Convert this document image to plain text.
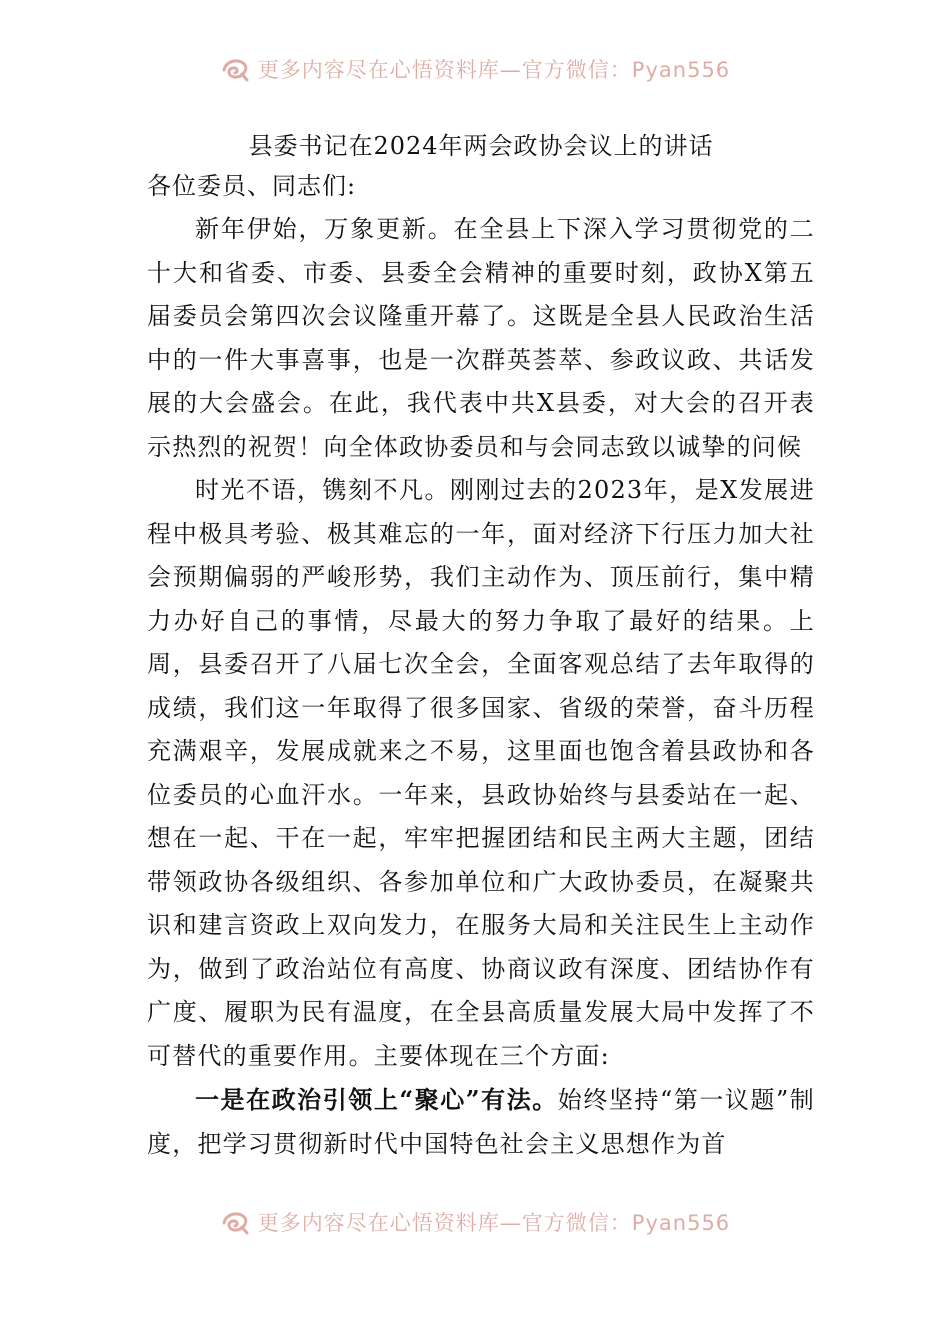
更多内容尽在心悟资料库—官方微信：Pyan556
县委书记在2024年两会政协会议上的讲话

各位委员、同志们:

新年伊始，万象更新。在全县上下深入学习贯彻党的二十大和省委、市委、县委全会精神的重要时刻，政协X第五届委员会第四次会议隆重开幕了。这既是全县人民政治生活中的一件大事喜事，也是一次群英荟萃、参政议政、共话发展的大会盛会。在此，我代表中共X县委，对大会的召开表示热烈的祝贺！向全体政协委员和与会同志致以诚挚的问候

时光不语，镌刻不凡。刚刚过去的2023年，是X发展进程中极具考验、极其难忘的一年，面对经济下行压力加大社会预期偏弱的严峻形势，我们主动作为、顶压前行，集中精力办好自己的事情，尽最大的努力争取了最好的结果。上周，县委召开了八届七次全会，全面客观总结了去年取得的成绩，我们这一年取得了很多国家、省级的荣誉，奋斗历程充满艰辛，发展成就来之不易，这里面也饱含着县政协和各位委员的心血汗水。一年来，县政协始终与县委站在一起、想在一起、干在一起，牢牢把握团结和民主两大主题，团结带领政协各级组织、各参加单位和广大政协委员，在凝聚共识和建言资政上双向发力，在服务大局和关注民生上主动作为，做到了政治站位有高度、协商议政有深度、团结协作有广度、履职为民有温度，在全县高质量发展大局中发挥了不可替代的重要作用。主要体现在三个方面:

一是在政治引领上“聚心”有法。始终坚持“第一议题”制度，把学习贯彻新时代中国特色社会主义思想作为首

更多内容尽在心悟资料库—官方微信：Pyan556
